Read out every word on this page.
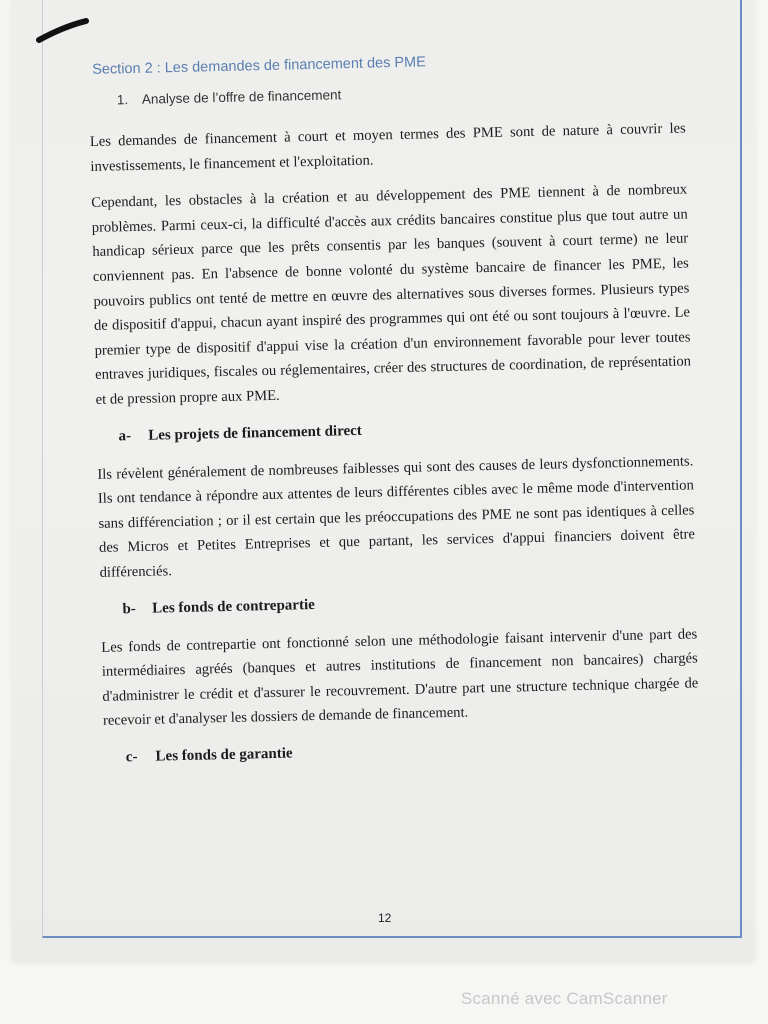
Section 2 : Les demandes de financement des PME
1. Analyse de l’offre de financement

Les demandes de financement à court et moyen termes des PME sont de nature à couvrir les investissements, le financement et l'exploitation.

Cependant, les obstacles à la création et au développement des PME tiennent à de nombreux problèmes. Parmi ceux-ci, la difficulté d'accès aux crédits bancaires constitue plus que tout autre un handicap sérieux parce que les prêts consentis par les banques (souvent à court terme) ne leur conviennent pas. En l'absence de bonne volonté du système bancaire de financer les PME, les pouvoirs publics ont tenté de mettre en œuvre des alternatives sous diverses formes. Plusieurs types de dispositif d'appui, chacun ayant inspiré des programmes qui ont été ou sont toujours à l'œuvre. Le premier type de dispositif d'appui vise la création d'un environnement favorable pour lever toutes entraves juridiques, fiscales ou réglementaires, créer des structures de coordination, de représentation et de pression propre aux PME.

a- Les projets de financement direct

Ils révèlent généralement de nombreuses faiblesses qui sont des causes de leurs dysfonctionnements. Ils ont tendance à répondre aux attentes de leurs différentes cibles avec le même mode d'intervention sans différenciation ; or il est certain que les préoccupations des PME ne sont pas identiques à celles des Micros et Petites Entreprises et que partant, les services d'appui financiers doivent être différenciés.

b- Les fonds de contrepartie

Les fonds de contrepartie ont fonctionné selon une méthodologie faisant intervenir d'une part des intermédiaires agréés (banques et autres institutions de financement non bancaires) chargés d'administrer le crédit et d'assurer le recouvrement. D'autre part une structure technique chargée de recevoir et d'analyser les dossiers de demande de financement.

c- Les fonds de garantie
12
Scanné avec CamScanner
